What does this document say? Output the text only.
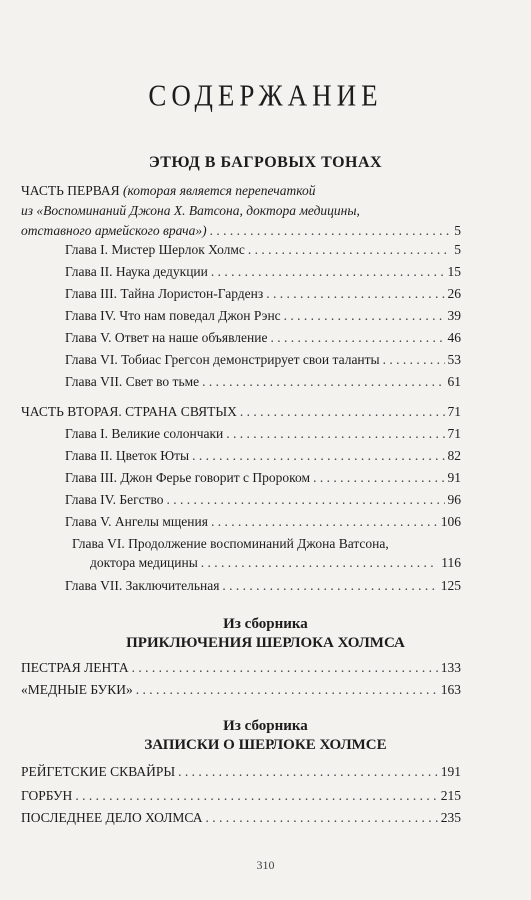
СОДЕРЖАНИЕ
ЭТЮД В БАГРОВЫХ ТОНАХ
ЧАСТЬ ПЕРВАЯ (которая является перепечаткой
из «Воспоминаний Джона Х. Ватсона, доктора медицины,
отставного армейского врача») . . .	5
Глава I. Мистер Шерлок Холмс . . .	5
Глава II. Наука дедукции . . .	15
Глава III. Тайна Лористон-Гарденз . . .	26
Глава IV. Что нам поведал Джон Рэнс . . .	39
Глава V. Ответ на наше объявление . . .	46
Глава VI. Тобиас Грегсон демонстрирует свои таланты . . .	53
Глава VII. Свет во тьме . . .	61
ЧАСТЬ ВТОРАЯ. СТРАНА СВЯТЫХ . . .	71
Глава I. Великие солончаки . . .	71
Глава II. Цветок Юты . . .	82
Глава III. Джон Ферье говорит с Пророком . . .	91
Глава IV. Бегство . . .	96
Глава V. Ангелы мщения . . .	106
Глава VI. Продолжение воспоминаний Джона Ватсона,
доктора медицины . . .	116
Глава VII. Заключительная . . .	125
Из сборника
ПРИКЛЮЧЕНИЯ ШЕРЛОКА ХОЛМСА
ПЕСТРАЯ ЛЕНТА . . .	133
«МЕДНЫЕ БУКИ» . . .	163
Из сборника
ЗАПИСКИ О ШЕРЛОКЕ ХОЛМСЕ
РЕЙГЕТСКИЕ СКВАЙРЫ . . .	191
ГОРБУН . . .	215
ПОСЛЕДНЕЕ ДЕЛО ХОЛМСА . . .	235
310
